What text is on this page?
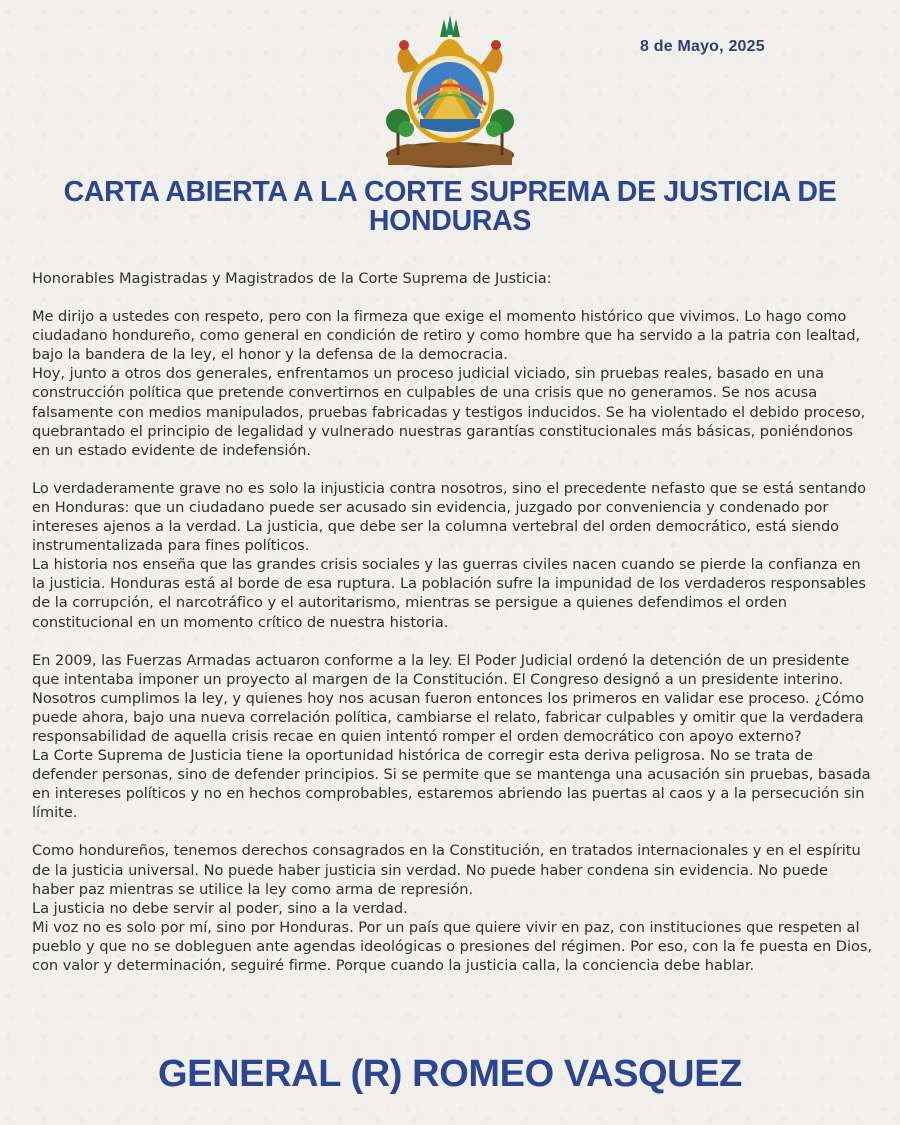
8 de Mayo, 2025
CARTA ABIERTA A LA CORTE SUPREMA DE JUSTICIA DE HONDURAS

Honorables Magistradas y Magistrados de la Corte Suprema de Justicia:

Me dirijo a ustedes con respeto, pero con la firmeza que exige el momento histórico que vivimos. Lo hago como ciudadano hondureño, como general en condición de retiro y como hombre que ha servido a la patria con lealtad, bajo la bandera de la ley, el honor y la defensa de la democracia.
Hoy, junto a otros dos generales, enfrentamos un proceso judicial viciado, sin pruebas reales, basado en una construcción política que pretende convertirnos en culpables de una crisis que no generamos. Se nos acusa falsamente con medios manipulados, pruebas fabricadas y testigos inducidos. Se ha violentado el debido proceso, quebrantado el principio de legalidad y vulnerado nuestras garantías constitucionales más básicas, poniéndonos en un estado evidente de indefensión.

Lo verdaderamente grave no es solo la injusticia contra nosotros, sino el precedente nefasto que se está sentando en Honduras: que un ciudadano puede ser acusado sin evidencia, juzgado por conveniencia y condenado por intereses ajenos a la verdad. La justicia, que debe ser la columna vertebral del orden democrático, está siendo instrumentalizada para fines políticos.
La historia nos enseña que las grandes crisis sociales y las guerras civiles nacen cuando se pierde la confianza en la justicia. Honduras está al borde de esa ruptura. La población sufre la impunidad de los verdaderos responsables de la corrupción, el narcotráfico y el autoritarismo, mientras se persigue a quienes defendimos el orden constitucional en un momento crítico de nuestra historia.

En 2009, las Fuerzas Armadas actuaron conforme a la ley. El Poder Judicial ordenó la detención de un presidente que intentaba imponer un proyecto al margen de la Constitución. El Congreso designó a un presidente interino. Nosotros cumplimos la ley, y quienes hoy nos acusan fueron entonces los primeros en validar ese proceso. ¿Cómo puede ahora, bajo una nueva correlación política, cambiarse el relato, fabricar culpables y omitir que la verdadera responsabilidad de aquella crisis recae en quien intentó romper el orden democrático con apoyo externo?
La Corte Suprema de Justicia tiene la oportunidad histórica de corregir esta deriva peligrosa. No se trata de defender personas, sino de defender principios. Si se permite que se mantenga una acusación sin pruebas, basada en intereses políticos y no en hechos comprobables, estaremos abriendo las puertas al caos y a la persecución sin límite.

Como hondureños, tenemos derechos consagrados en la Constitución, en tratados internacionales y en el espíritu de la justicia universal. No puede haber justicia sin verdad. No puede haber condena sin evidencia. No puede haber paz mientras se utilice la ley como arma de represión.
La justicia no debe servir al poder, sino a la verdad.
Mi voz no es solo por mí, sino por Honduras. Por un país que quiere vivir en paz, con instituciones que respeten al pueblo y que no se dobleguen ante agendas ideológicas o presiones del régimen. Por eso, con la fe puesta en Dios, con valor y determinación, seguiré firme. Porque cuando la justicia calla, la conciencia debe hablar.

GENERAL (R) ROMEO VASQUEZ
